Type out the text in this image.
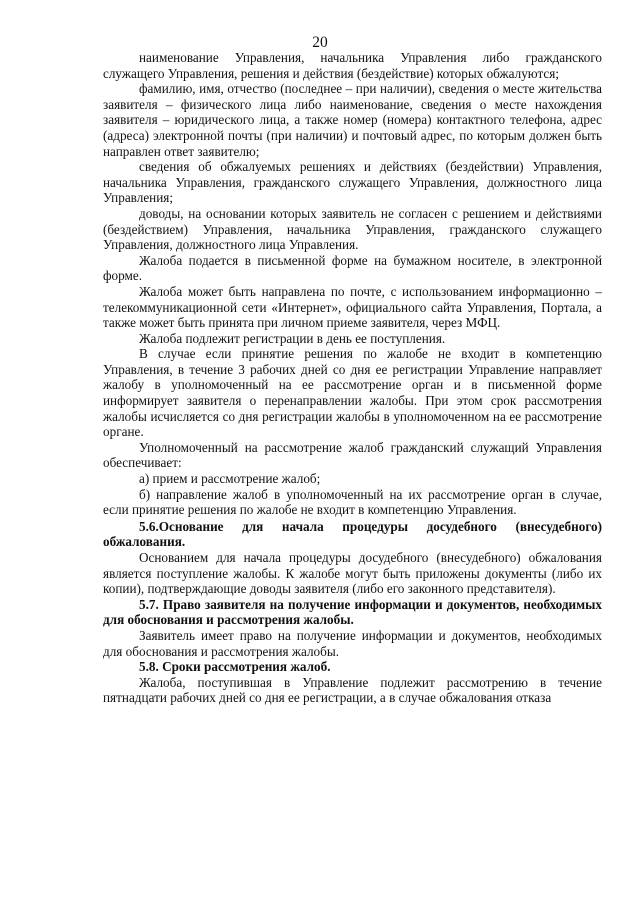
20

наименование Управления, начальника Управления либо гражданского служащего Управления, решения и действия (бездействие) которых обжалуются;

фамилию, имя, отчество (последнее – при наличии), сведения о месте жительства заявителя – физического лица либо наименование, сведения о месте нахождения заявителя – юридического лица, а также номер (номера) контактного телефона, адрес (адреса) электронной почты (при наличии) и почтовый адрес, по которым должен быть направлен ответ заявителю;

сведения об обжалуемых решениях и действиях (бездействии) Управления, начальника Управления, гражданского служащего Управления, должностного лица Управления;

доводы, на основании которых заявитель не согласен с решением и действиями (бездействием) Управления, начальника Управления, гражданского служащего Управления, должностного лица Управления.

Жалоба подается в письменной форме на бумажном носителе, в электронной форме.

Жалоба может быть направлена по почте, с использованием информационно – телекоммуникационной сети «Интернет», официального сайта Управления, Портала, а также может быть принята при личном приеме заявителя, через МФЦ.

Жалоба подлежит регистрации в день ее поступления.

В случае если принятие решения по жалобе не входит в компетенцию Управления, в течение 3 рабочих дней со дня ее регистрации Управление направляет жалобу в уполномоченный на ее рассмотрение орган и в письменной форме информирует заявителя о перенаправлении жалобы. При этом срок рассмотрения жалобы исчисляется со дня регистрации жалобы в уполномоченном на ее рассмотрение органе.

Уполномоченный на рассмотрение жалоб гражданский служащий Управления обеспечивает:

а) прием и рассмотрение жалоб;

б) направление жалоб в уполномоченный на их рассмотрение орган в случае, если принятие решения по жалобе не входит в компетенцию Управления.

5.6.Основание для начала процедуры досудебного (внесудебного) обжалования.

Основанием для начала процедуры досудебного (внесудебного) обжалования является поступление жалобы. К жалобе могут быть приложены документы (либо их копии), подтверждающие доводы заявителя (либо его законного представителя).

5.7. Право заявителя на получение информации и документов, необходимых для обоснования и рассмотрения жалобы.

Заявитель имеет право на получение информации и документов, необходимых для обоснования и рассмотрения жалобы.

5.8. Сроки рассмотрения жалоб.

Жалоба, поступившая в Управление подлежит рассмотрению в течение пятнадцати рабочих дней со дня ее регистрации, а в случае обжалования отказа
